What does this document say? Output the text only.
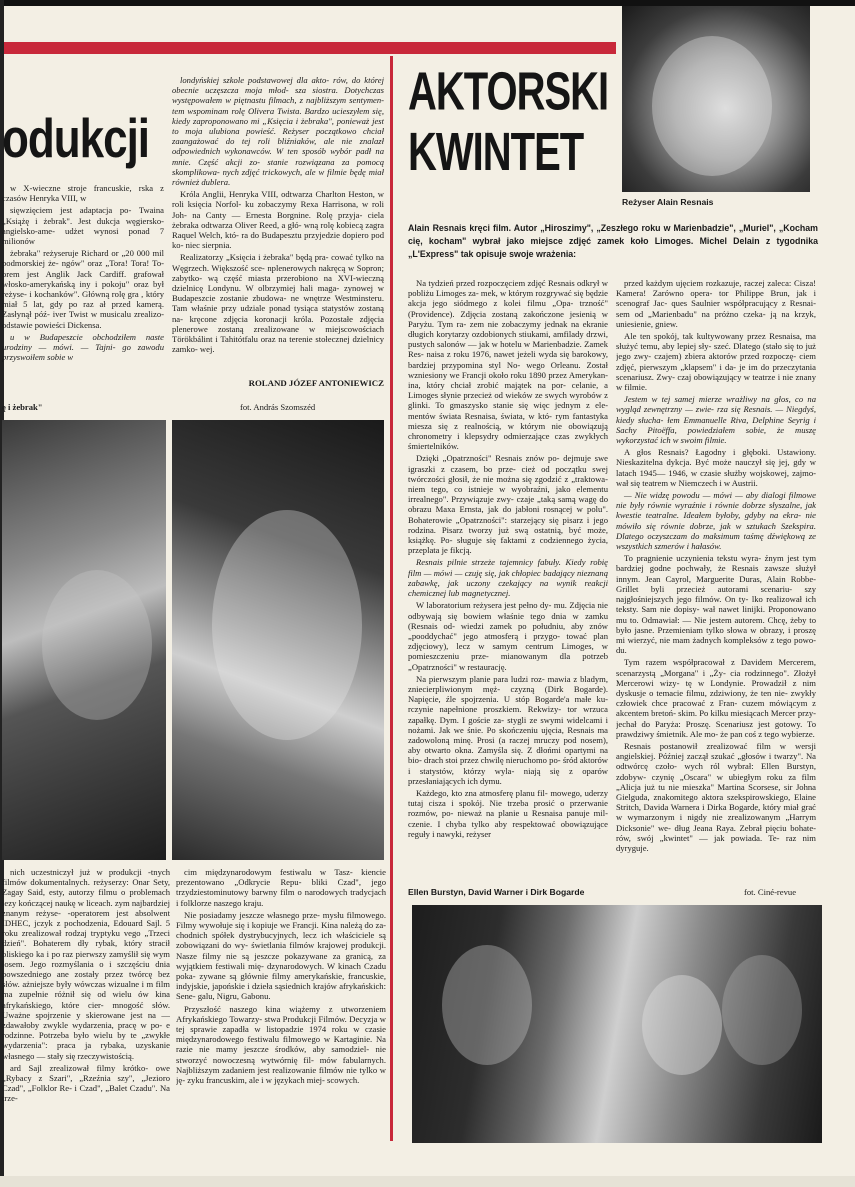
odukcji

w X-wieczne stroje francuskie, rska z czasów Henryka VIII, w

sięwzięciem jest adaptacja po- Twaina „Książę i żebrak". Jest dukcja węgiersko-angielsko-ame- udżet wynosi ponad 7 milionów

żebraka" reżyseruje Richard or „20 000 mil podmorskiej że- ngów" oraz „Tora! Tora! To- orem jest Anglik Jack Cardiff. grafował włosko-amerykańską iny i pokoju" oraz był reżyse- i kochanków". Główną rolę gra , który miał 5 lat, gdy po raz ał przed kamerą. Zasłynął póź- iver Twist w musicalu zrealizo- odstawie powieści Dickensa.

u w Budapeszcie obchodziłem naste urodziny — mówi. — Tajni- go zawodu przyswoiłem sobie w

londyńskiej szkole podstawowej dla akto- rów, do której obecnie uczęszcza moja młod- sza siostra. Dotychczas występowałem w piętnastu filmach, z najbliższym sentymen- tem wspominam rolę Olivera Twista. Bardzo ucieszyłem się, kiedy zaproponowano mi „Księcia i żebraka", ponieważ jest to moja ulubiona powieść. Reżyser początkowo chciał zaangażować do tej roli bliźniaków, ale nie znalazł odpowiednich wykonawców. W ten sposób wybór padł na mnie. Część akcji zo- stanie rozwiązana za pomocą skomplikowa- nych zdjęć trickowych, ale w filmie będę miał również dublera.

Króla Anglii, Henryka VIII, odtwarza Charlton Heston, w roli księcia Norfol- ku zobaczymy Rexa Harrisona, w roli Joh- na Canty — Ernesta Borgnine. Rolę przyja- ciela żebraka odtwarza Oliver Reed, a głó- wną rolę kobiecą zagra Raquel Welch, któ- ra do Budapesztu przyjedzie dopiero pod ko- niec sierpnia.

Realizatorzy „Księcia i żebraka" będą pra- cować tylko na Węgrzech. Większość sce- nplenerowych nakręcą w Sopron; zabytko- wą część miasta przerobiono na XVI-wieczną dzielnicę Londynu. W olbrzymiej hali maga- zynowej w Budapeszcie zostanie zbudowa- ne wnętrze Westminsteru. Tam właśnie przy udziale ponad tysiąca statystów zostaną na- kręcone zdjęcia koronacji króla. Pozostałe zdjęcia plenerowe zostaną zrealizowane w miejscowościach Törökbálint i Tahitótfalu oraz na terenie stołecznej dzielnicy zamko- wej.

ROLAND JÓZEF ANTONIEWICZ
ę i żebrak"	fot. András Szomszéd
AKTORSKI
KWINTET
Reżyser Alain Resnais
Alain Resnais kręci film. Autor „Hiroszimy", „Zeszłego roku w Marienbadzie", „Muriel", „Kocham cię, kocham" wybrał jako miejsce zdjęć zamek koło Limoges. Michel Delain z tygodnika „L'Express" tak opisuje swoje wrażenia:

Na tydzień przed rozpoczęciem zdjęć Resnais odkrył w pobliżu Limoges za- mek, w którym rozgrywać się będzie akcja jego siódmego z kolei filmu „Opa- trzność" (Providence). Zdjęcia zostaną zakończone jesienią w Paryżu. Tym ra- zem nie zobaczymy jednak na ekranie długich korytarzy ozdobionych stiukami, amfilady drzwi, pustych salonów — jak w hotelu w Marienbadzie. Zamek Res- naisa z roku 1976, nawet jeżeli wyda się barokowy, bardziej przypomina styl No- wego Orleanu. Został wzniesiony we Francji około roku 1890 przez Amerykan- ina, który chciał zrobić majątek na por- celanie, a Limoges słynie przecież od wieków ze swych wyrobów z glinki. To gmaszysko stanie się więc jednym z ele- mentów świata Resnaisa, świata, w któ- rym fantastyka miesza się z realnością, w którym nie obowiązują chronometry i klepsydry odmierzające czas zwykłych śmiertelników.

Dzięki „Opatrzności" Resnais znów po- dejmuje swe igraszki z czasem, bo prze- cież od początku swej twórczości głosił, że nie można się zgodzić z „traktowa- niem tego, co istnieje w wyobraźni, jako elementu irrealnego". Przywiązuje zwy- czaje „taką samą wagę do obrazu Maxa Ernsta, jak do jabłoni rosnącej w polu". Bohaterowie „Opatrzności": starzejący się pisarz i jego rodzina. Pisarz tworzy już swą ostatnią, być może, książkę. Po- sługuje się faktami z codziennego życia, przeplata je fikcją.

Resnais pilnie strzeże tajemnicy fabuły. Kiedy robię film — mówi — czuję się, jak chłopiec badający nieznaną zabawkę, jak uczony czekający na wynik reakcji chemicznej lub magnetycznej.

W laboratorium reżysera jest pełno dy- mu. Zdjęcia nie odbywają się bowiem właśnie tego dnia w zamku (Resnais od- wiedzi zamek po południu, aby znów „pooddychać" jego atmosferą i przygo- tować plan zdjęciowy), lecz w samym centrum Limoges, w pomieszczeniu prze- mianowanym dla potrzeb „Opatrzności" w restaurację.

Na pierwszym planie para ludzi roz- mawia z bladym, zniecierpliwionym męż- czyzną (Dirk Bogarde). Napięcie, źle spojrzenia. U stóp Bogarde'a małe ku- rczynie napełnione proszkiem. Rekwizy- tor wrzuca zapałkę. Dym. I goście za- stygli ze swymi widelcami i nożami. Jak we śnie. Po skończeniu ujęcia, Resnais ma zadowoloną minę. Prosi (a raczej mruczy pod nosem), aby otwarto okna. Zamyśla się. Z dłońmi opartymi na bio- drach stoi przez chwilę nieruchomo po- śród aktorów i statystów, którzy wyla- niają się z oparów przesłaniających ich dymu.

Każdego, kto zna atmosferę planu fil- mowego, uderzy tutaj cisza i spokój. Nie trzeba prosić o przerwanie rozmów, po- nieważ na planie u Resnaisa panuje mil- czenie. I chyba tylko aby respektować obowiązujące reguły i nawyki, reżyser

przed każdym ujęciem rozkazuje, raczej zaleca: Cisza! Kamera! Zarówno opera- tor Philippe Brun, jak i scenograf Jac- ques Saulnier współpracujący z Resnai- sem od „Marienbadu" na próżno czeka- ją na krzyk, uniesienie, gniew.

Ale ten spokój, tak kultywowany przez Resnaisa, ma służyć temu, aby lepiej sły- szeć. Dlatego (stało się to już jego zwy- czajem) zbiera aktorów przed rozpoczę- ciem zdjęć, pierwszym „klapsem" i da- je im do przeczytania scenariusz. Zwy- czaj obowiązujący w teatrze i nie znany w filmie.

Jestem w tej samej mierze wrażliwy na głos, co na wygląd zewnętrzny — zwie- rza się Resnais. — Niegdyś, kiedy słucha- łem Emmanuelle Riva, Delphine Seyrig i Sachy Pitoëffa, powiedziałem sobie, że muszę wykorzystać ich w swoim filmie.

A głos Resnais? Łagodny i głęboki. Ustawiony. Nieskazitelna dykcja. Być może nauczył się jej, gdy w latach 1945— 1946, w czasie służby wojskowej, zajmo- wał się teatrem w Niemczech i w Austrii.

— Nie widzę powodu — mówi — aby dialogi filmowe nie były równie wyraźnie i równie dobrze słyszalne, jak kwestie teatralne. Ideałem byłoby, gdyby na ekra- nie mówiło się równie dobrze, jak w sztukach Szekspira. Dlatego oczyszczam do maksimum taśmę dźwiękową ze wszystkich szmerów i hałasów.

To pragnienie uczynienia tekstu wyra- źnym jest tym bardziej godne pochwały, że Resnais zawsze służył innym. Jean Cayrol, Marguerite Duras, Alain Robbe- Grillet byli przecież autorami scenariu- szy najgłośniejszych jego filmów. On ty- lko realizował ich teksty. Sam nie dopisy- wał nawet linijki. Proponowano mu to. Odmawiał: — Nie jestem autorem. Chcę, żeby to było jasne. Przemieniam tylko słowa w obrazy, i proszę mi wierzyć, nie mam żadnych kompleksów z tego powo- du.

Tym razem współpracował z Davidem Mercerem, scenarzystą „Morgana" i „Ży- cia rodzinnego". Złożył Mercerowi wizy- tę w Londynie. Prowadził z nim dyskusje o temacie filmu, zdziwiony, że ten nie- zwykły człowiek chce pracować z Fran- cuzem mówiącym z akcentem bretoń- skim. Po kilku miesiącach Mercer przy- jechał do Paryża: Proszę. Scenariusz jest gotowy. To prawdziwy śmietnik. Ale mo- że pan coś z tego wybierze.

Resnais postanowił zrealizować film w wersji angielskiej. Później zaczął szukać „głosów i twarzy". Na odtwórcę czoło- wych ról wybrał: Ellen Burstyn, zdobyw- czynię „Oscara" w ubiegłym roku za film „Alicja już tu nie mieszka" Martina Scorsese, sir Johna Gielguda, znakomitego aktora szekspirowskiego, Elaine Stritch, Davida Warnera i Dirka Bogarde, który miał grać w wymarzonym i nigdy nie zrealizowanym „Harrym Dicksonie" we- dług Jeana Raya. Zebrał pięciu bohate- rów, swój „kwintet" — jak powiada. Te- raz nim dyryguje.

Ellen Burstyn, David Warner i Dirk Bogarde	fot. Ciné-revue

nich uczestniczył już w produkcji -tnych filmów dokumentalnych. reżyserzy: Onar Sety, Zagay Said, esty, autorzy filmu o problemach iezy kończącej naukę w liceach. zym najbardziej znanym reżyse- -operatorem jest absolwent IDHEC, jczyk z pochodzenia, Edouard Sajl. 5 roku zrealizował rodzaj tryptyku vego „Trzeci dzień". Bohaterem dły rybak, który stracił bliskiego ka i po raz pierwszy zamyślił się wym losem. Jego rozmyślania o i szczęściu dnia powszedniego ane zostały przez twórcę bez słów. ażniejsze były wówczas wizualne i m film ma zupełnie różnił się od wielu ów kina afrykańskiego, które cier- mnogość słów. Uważne spojrzenie y skierowane jest na — zdawałoby zwykle wydarzenia, pracę w po- e rodzinne. Potrzeba było wielu by te „zwykłe wydarzenia": praca ja rybaka, uzyskanie własnego — stały się rzeczywistością.

ard Sajl zrealizował filmy krótko- owe „Rybacy z Szari", „Rzeźnia szy", „Jezioro Czad", „Folklor Re- i Czad", „Balet Czadu". Na trze-

cim międzynarodowym festiwalu w Tasz- kiencie prezentowano „Odkrycie Repu- bliki Czad", jego trzydziestominutowy barwny film o narodowych tradycjach i folklorze naszego kraju.

Nie posiadamy jeszcze własnego prze- mysłu filmowego. Filmy wywołuje się i kopiuje we Francji. Kina należą do za- chodnich spółek dystrybucyjnych, lecz ich właściciele są zobowiązani do wy- świetlania filmów krajowej produkcji. Nasze filmy nie są jeszcze pokazywane za granicą, za wyjątkiem festiwali mię- dzynarodowych. W kinach Czadu poka- zywane są głównie filmy amerykańskie, francuskie, indyjskie, japońskie i dzieła sąsiednich krajów afrykańskich: Sene- galu, Nigru, Gabonu.

Przyszłość naszego kina wiążemy z utworzeniem Afrykańskiego Towarzy- stwa Produkcji Filmów. Decyzja w tej sprawie zapadła w listopadzie 1974 roku w czasie międzynarodowego festiwalu filmowego w Kartaginie. Na razie nie mamy jeszcze środków, aby samodziel- nie stworzyć nowoczesną wytwórnię fil- mów fabularnych. Najbliższym zadaniem jest realizowanie filmów nie tylko w ję- zyku francuskim, ale i w językach miej- scowych.
